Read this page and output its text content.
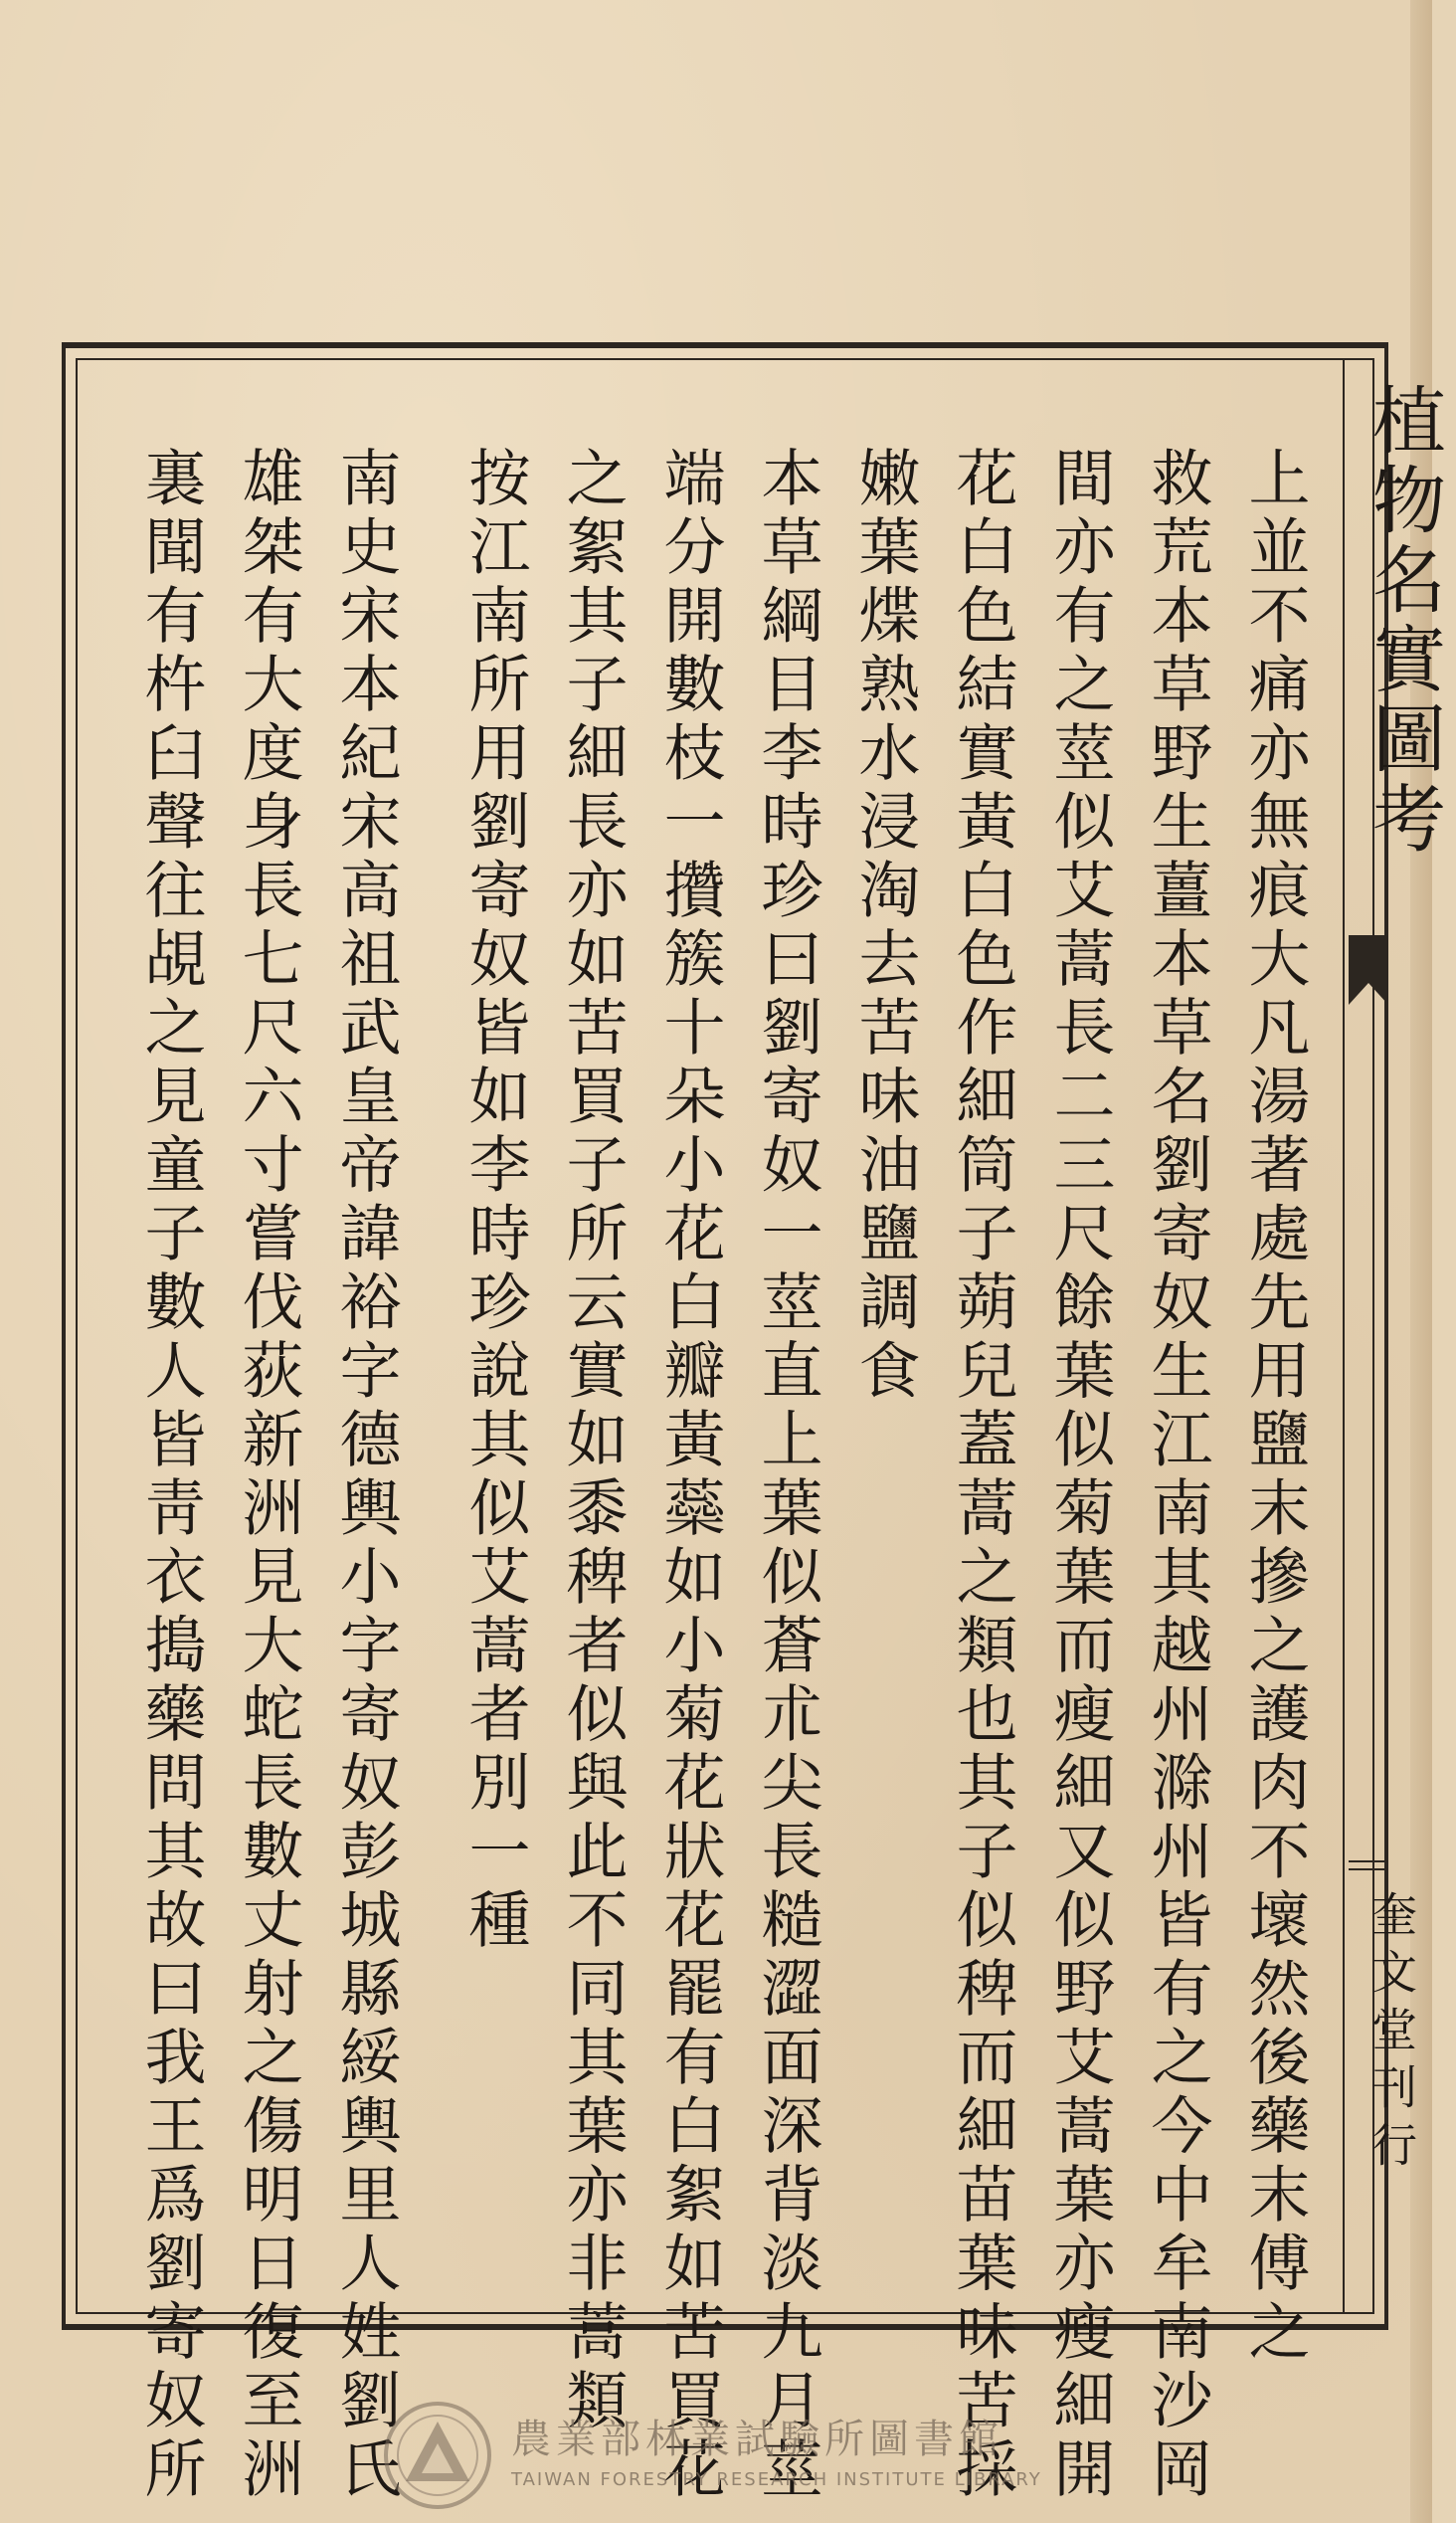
植物名實圖考
奎文堂刊行
上並不痛亦無痕大凡湯著處先用鹽末摻之護肉不壞然後藥末傅之
救荒本草野生薑本草名劉寄奴生江南其越州滁州皆有之今中牟南沙岡
間亦有之莖似艾蒿長二三尺餘葉似菊葉而瘦細又似野艾蒿葉亦瘦細開
花白色結實黃白色作細筒子蒴兒蓋蒿之類也其子似稗而細苗葉味苦採
嫩葉煠熟水浸淘去苦味油鹽調食
本草綱目李時珍曰劉寄奴一莖直上葉似蒼朮尖長糙澀面深背淡九月莖
端分開數枝一攢簇十朵小花白瓣黃蘂如小菊花狀花罷有白絮如苦買花
之絮其子細長亦如苦買子所云實如黍稗者似與此不同其葉亦非蒿類
按江南所用劉寄奴皆如李時珍說其似艾蒿者別一種
南史宋本紀宋高祖武皇帝諱裕字德輿小字寄奴彭城縣綏輿里人姓劉氏
雄桀有大度身長七尺六寸嘗伐荻新洲見大蛇長數丈射之傷明日復至洲
裏聞有杵臼聲往覘之見童子數人皆靑衣搗藥問其故曰我王爲劉寄奴所	農業部林業試驗所圖書館
TAIWAN FORESTRY RESEARCH INSTITUTE LIBRARY
